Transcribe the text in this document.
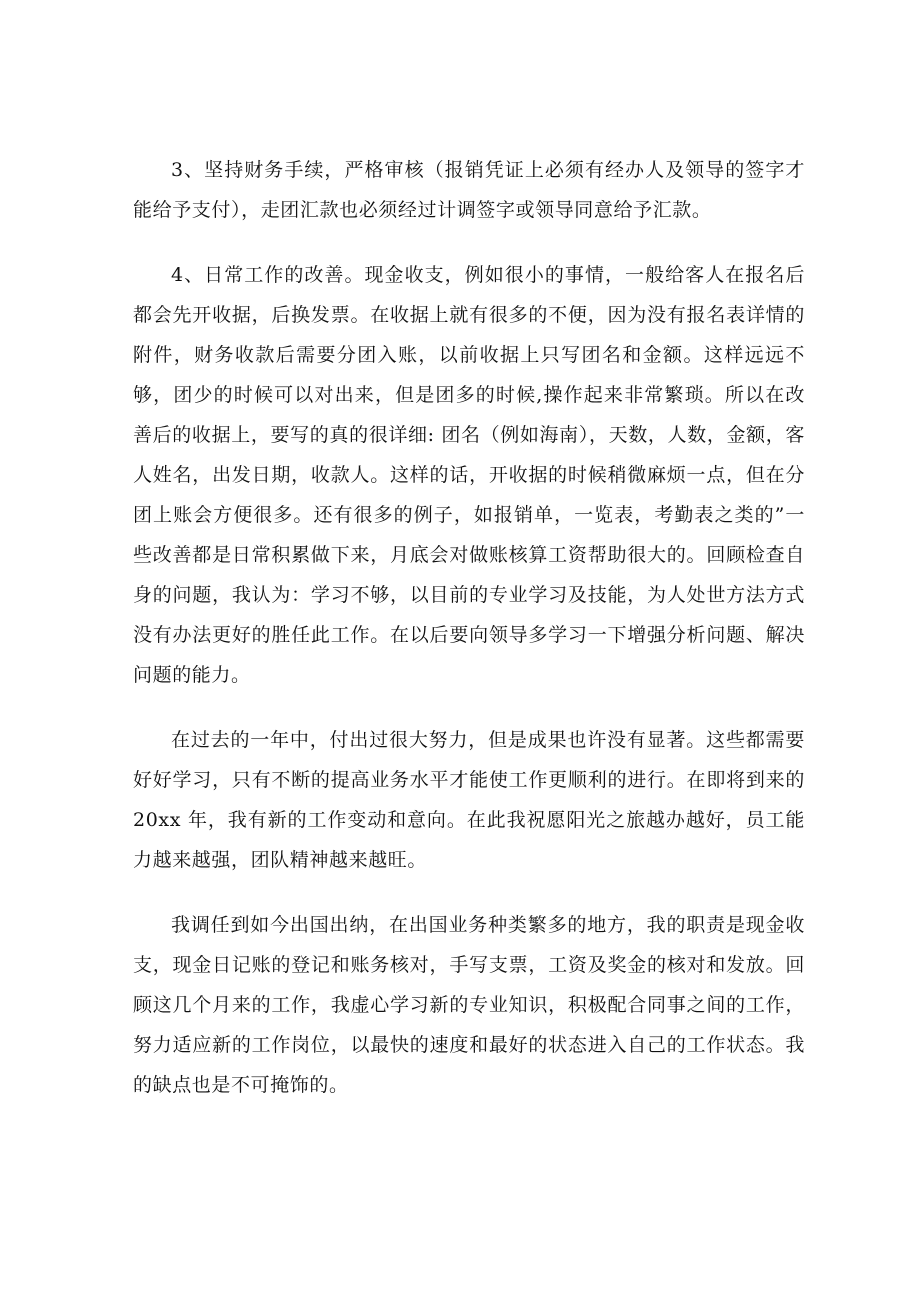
3、坚持财务手续，严格审核（报销凭证上必须有经办人及领导的签字才能给予支付），走团汇款也必须经过计调签字或领导同意给予汇款。

4、日常工作的改善。现金收支，例如很小的事情，一般给客人在报名后都会先开收据，后换发票。在收据上就有很多的不便，因为没有报名表详情的附件，财务收款后需要分团入账，以前收据上只写团名和金额。这样远远不够，团少的时候可以对出来，但是团多的时候,操作起来非常繁琐。所以在改善后的收据上，要写的真的很详细: 团名（例如海南），天数，人数，金额，客人姓名，出发日期，收款人。这样的话，开收据的时候稍微麻烦一点，但在分团上账会方便很多。还有很多的例子，如报销单，一览表，考勤表之类的”一些改善都是日常积累做下来，月底会对做账核算工资帮助很大的。回顾检查自身的问题，我认为：学习不够，以目前的专业学习及技能，为人处世方法方式没有办法更好的胜任此工作。在以后要向领导多学习一下增强分析问题、解决问题的能力。

在过去的一年中，付出过很大努力，但是成果也许没有显著。这些都需要好好学习，只有不断的提高业务水平才能使工作更顺利的进行。在即将到来的 20xx 年，我有新的工作变动和意向。在此我祝愿阳光之旅越办越好，员工能力越来越强，团队精神越来越旺。

我调任到如今出国出纳，在出国业务种类繁多的地方，我的职责是现金收支，现金日记账的登记和账务核对，手写支票，工资及奖金的核对和发放。回顾这几个月来的工作，我虚心学习新的专业知识，积极配合同事之间的工作，努力适应新的工作岗位，以最快的速度和最好的状态进入自己的工作状态。我的缺点也是不可掩饰的。
